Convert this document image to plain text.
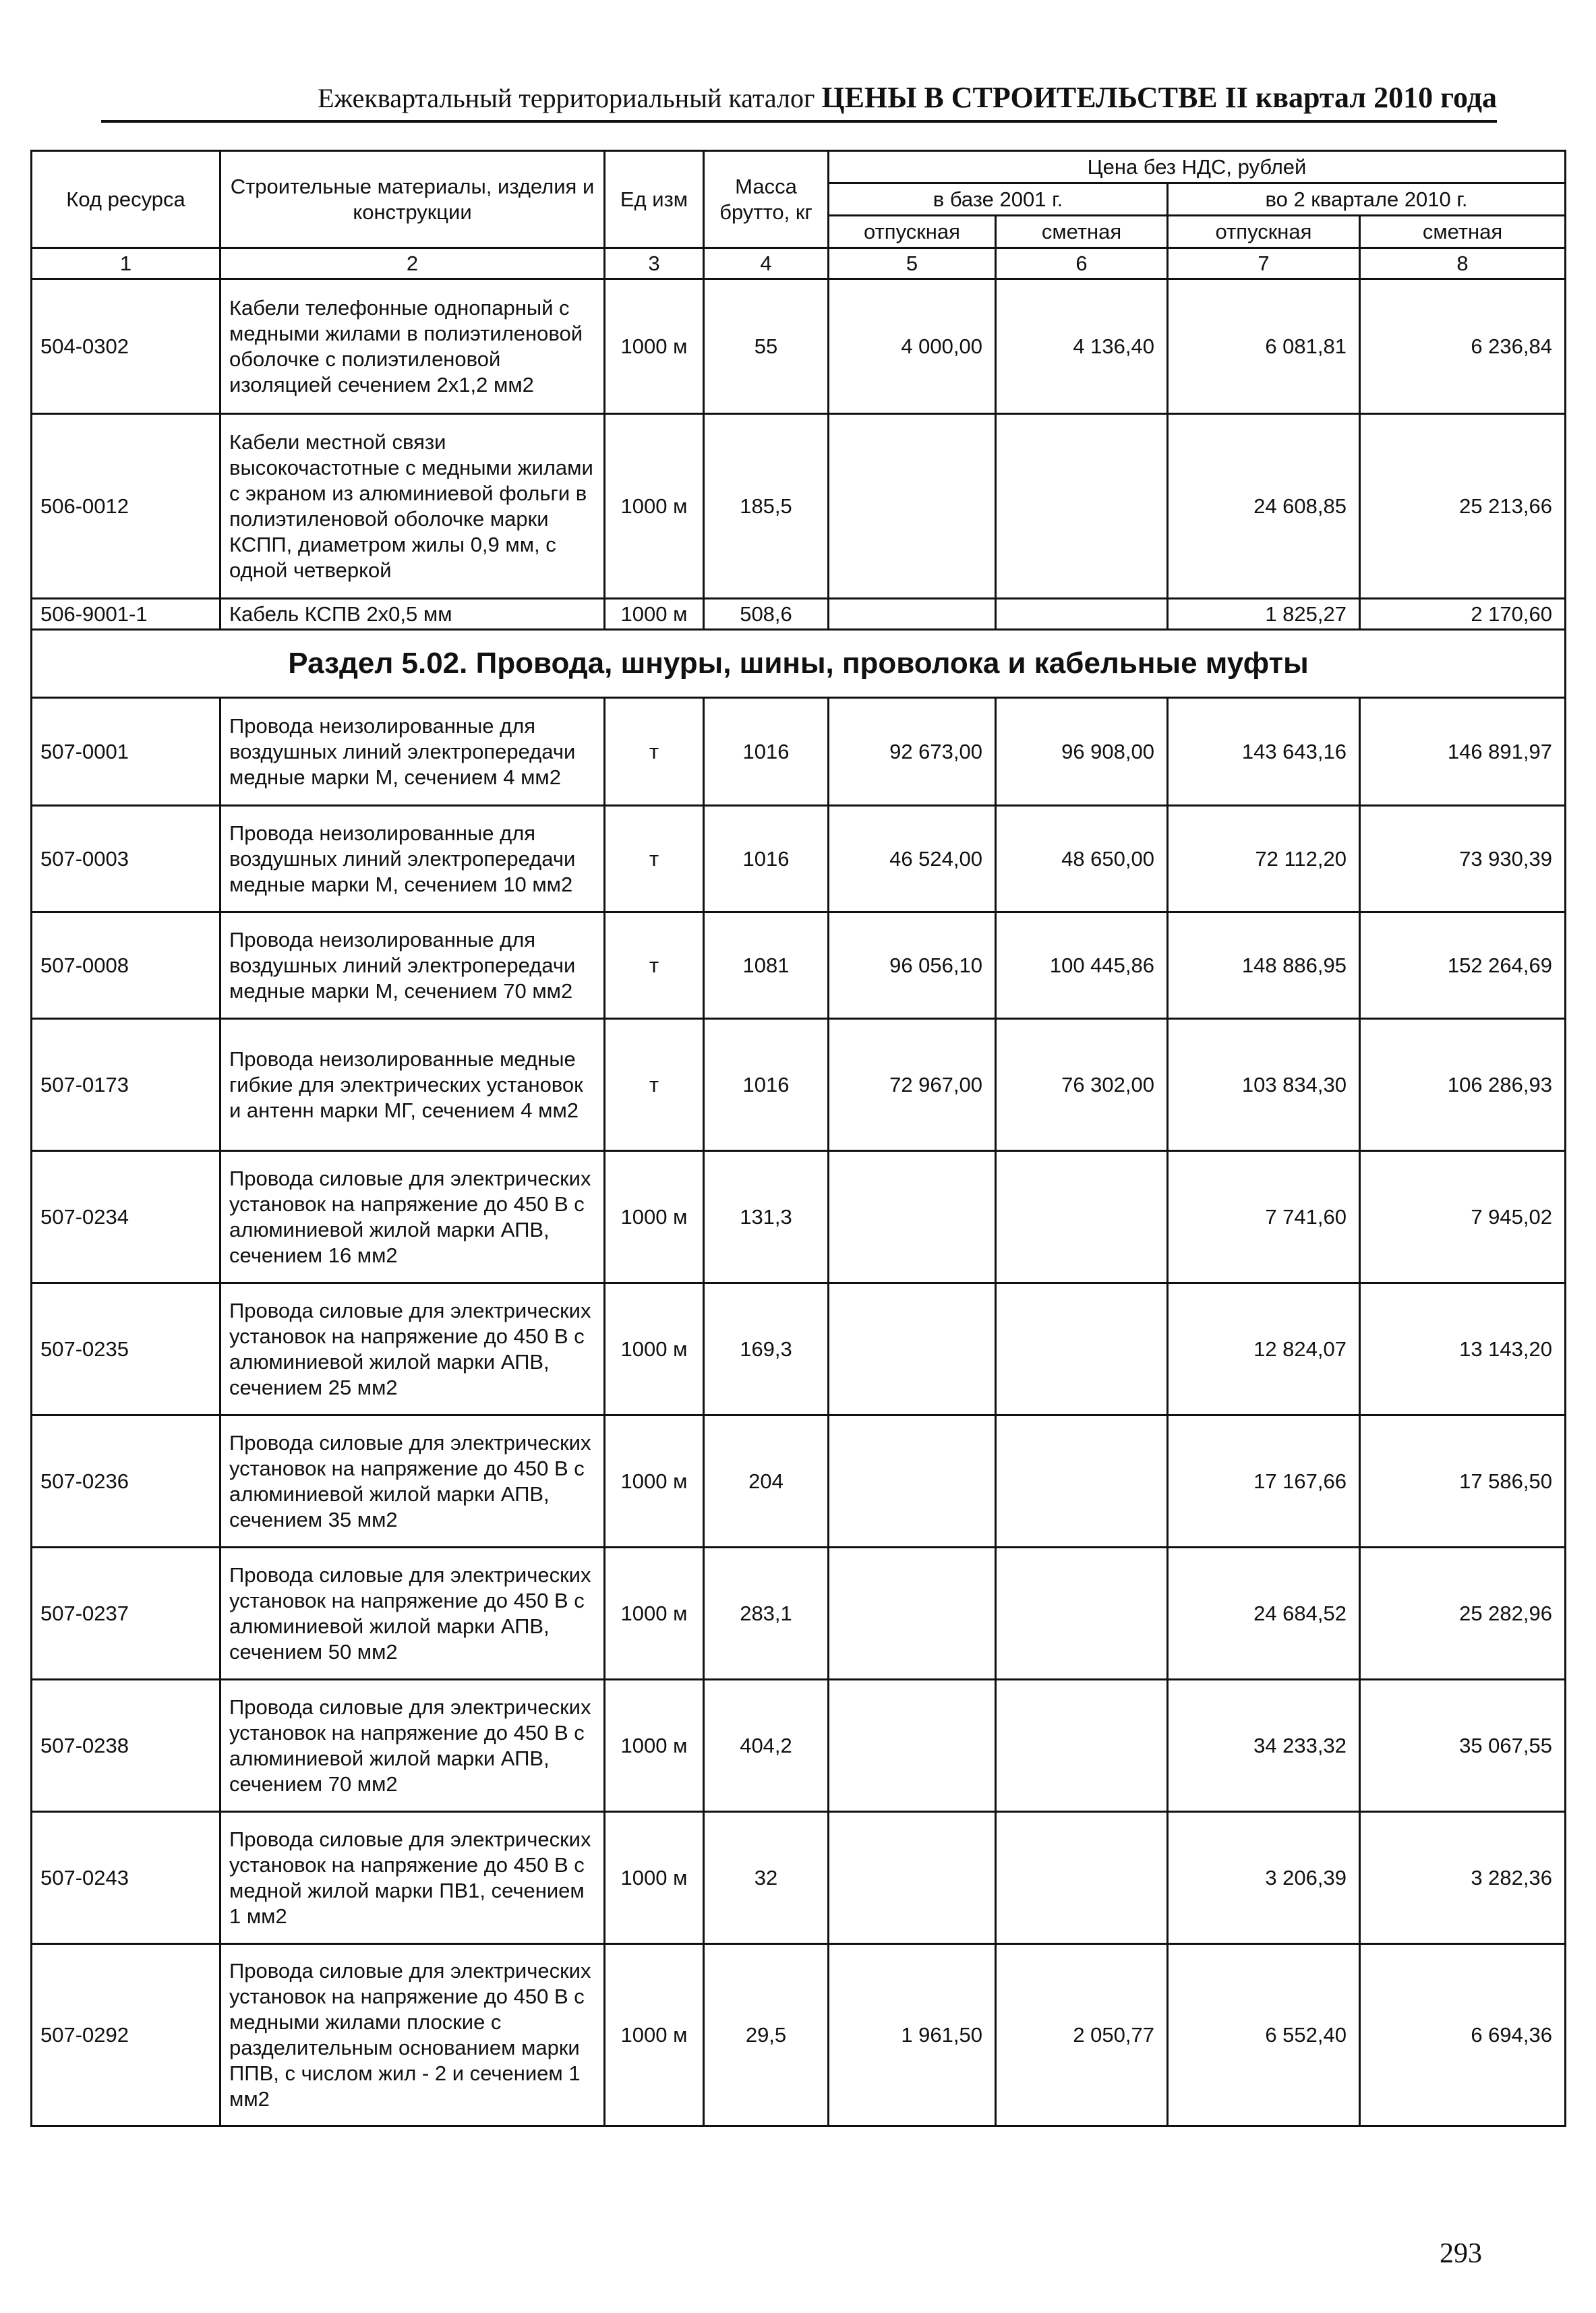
Ежеквартальный территориальный каталог ЦЕНЫ В СТРОИТЕЛЬСТВЕ II квартал 2010 года
Код ресурса	Строительные материалы, изделия и конструкции	Ед изм	Масса брутто, кг	Цена без НДС, рублей			
				в базе 2001 г.		во 2 квартале 2010 г.	
				отпускная	сметная	отпускная	сметная
1	2	3	4	5	6	7	8
504-0302	Кабели телефонные однопарный с медными жилами в полиэтиленовой оболочке с полиэтиленовой изоляцией сечением 2х1,2 мм2	1000 м	55	4 000,00	4 136,40	6 081,81	6 236,84
506-0012	Кабели местной связи высокочастотные с медными жилами с экраном из алюминиевой фольги в полиэтиленовой оболочке марки КСПП, диаметром жилы 0,9 мм, с одной четверкой	1000 м	185,5			24 608,85	25 213,66
506-9001-1	Кабель КСПВ 2х0,5 мм	1000 м	508,6			1 825,27	2 170,60
Раздел 5.02. Провода, шнуры, шины, проволока и кабельные муфты							
507-0001	Провода неизолированные для воздушных линий электропередачи медные марки М, сечением 4 мм2	т	1016	92 673,00	96 908,00	143 643,16	146 891,97
507-0003	Провода неизолированные для воздушных линий электропередачи медные марки М, сечением 10 мм2	т	1016	46 524,00	48 650,00	72 112,20	73 930,39
507-0008	Провода неизолированные для воздушных линий электропередачи медные марки М, сечением 70 мм2	т	1081	96 056,10	100 445,86	148 886,95	152 264,69
507-0173	Провода неизолированные медные гибкие для электрических установок и антенн марки МГ, сечением 4 мм2	т	1016	72 967,00	76 302,00	103 834,30	106 286,93
507-0234	Провода силовые для электрических установок на напряжение до 450 В с алюминиевой жилой марки АПВ, сечением 16 мм2	1000 м	131,3			7 741,60	7 945,02
507-0235	Провода силовые для электрических установок на напряжение до 450 В с алюминиевой жилой марки АПВ, сечением 25 мм2	1000 м	169,3			12 824,07	13 143,20
507-0236	Провода силовые для электрических установок на напряжение до 450 В с алюминиевой жилой марки АПВ, сечением 35 мм2	1000 м	204			17 167,66	17 586,50
507-0237	Провода силовые для электрических установок на напряжение до 450 В с алюминиевой жилой марки АПВ, сечением 50 мм2	1000 м	283,1			24 684,52	25 282,96
507-0238	Провода силовые для электрических установок на напряжение до 450 В с алюминиевой жилой марки АПВ, сечением 70 мм2	1000 м	404,2			34 233,32	35 067,55
507-0243	Провода силовые для электрических установок на напряжение до 450 В с медной жилой марки ПВ1, сечением 1 мм2	1000 м	32			3 206,39	3 282,36
507-0292	Провода силовые для электрических установок на напряжение до 450 В с медными жилами плоские с разделительным основанием марки ППВ, с числом жил - 2 и сечением 1 мм2	1000 м	29,5	1 961,50	2 050,77	6 552,40	6 694,36
293
